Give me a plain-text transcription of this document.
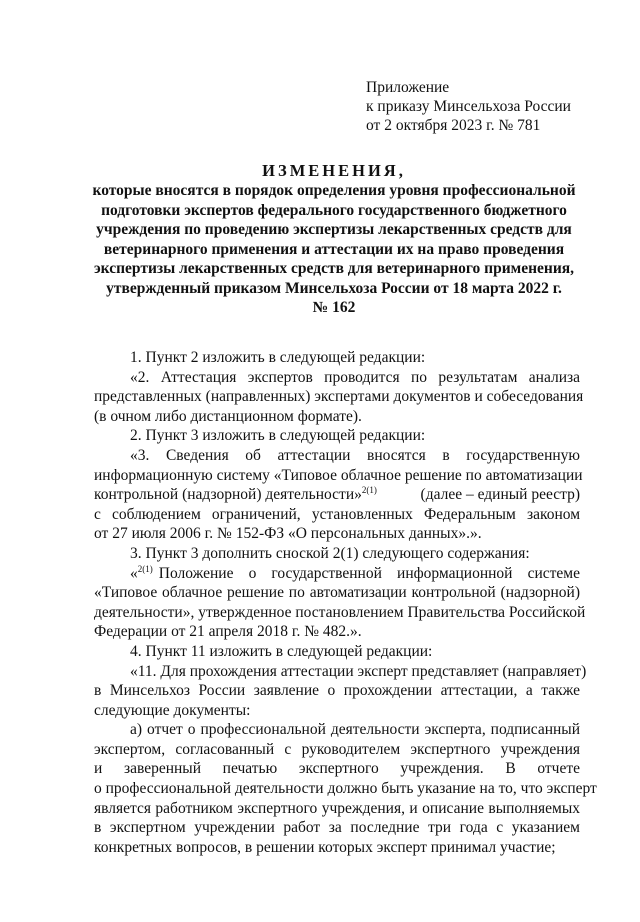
Приложение
к приказу Минсельхоза России
от 2 октября 2023 г. № 781
ИЗМЕНЕНИЯ,
которые вносятся в порядок определения уровня профессиональной
подготовки экспертов федерального государственного бюджетного
учреждения по проведению экспертизы лекарственных средств для
ветеринарного применения и аттестации их на право проведения
экспертизы лекарственных средств для ветеринарного применения,
утвержденный приказом Минсельхоза России от 18 марта 2022 г.
№ 162
1. Пункт 2 изложить в следующей редакции:
«2. Аттестация экспертов проводится по результатам анализа
представленных (направленных) экспертами документов и собеседования
(в очном либо дистанционном формате).
2. Пункт 3 изложить в следующей редакции:
«3. Сведения об аттестации вносятся в государственную
информационную систему «Типовое облачное решение по автоматизации
контрольной (надзорной) деятельности»$^{2(1)}$	(далее – единый реестр)
с соблюдением ограничений, установленных Федеральным законом
от 27 июля 2006 г. № 152-ФЗ «О персональных данных».».
3. Пункт 3 дополнить сноской 2(1) следующего содержания:
«$^{2(1)}$ Положение о государственной информационной системе
«Типовое облачное решение по автоматизации контрольной (надзорной)
деятельности», утвержденное постановлением Правительства Российской
Федерации от 21 апреля 2018 г. № 482.».
4. Пункт 11 изложить в следующей редакции:
«11. Для прохождения аттестации эксперт представляет (направляет)
в Минсельхоз России заявление о прохождении аттестации, а также
следующие документы:
а) отчет о профессиональной деятельности эксперта, подписанный
экспертом, согласованный с руководителем экспертного учреждения
и заверенный печатью экспертного учреждения. В отчете
о профессиональной деятельности должно быть указание на то, что эксперт
является работником экспертного учреждения, и описание выполняемых
в экспертном учреждении работ за последние три года с указанием
конкретных вопросов, в решении которых эксперт принимал участие;
